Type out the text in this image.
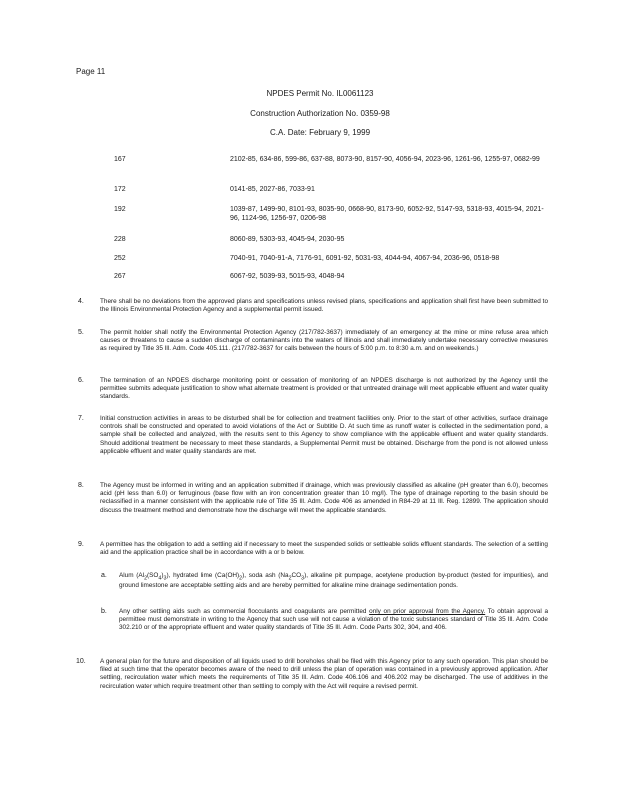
Page 11
NPDES Permit No. IL0061123
Construction Authorization No. 0359-98
C.A. Date: February 9, 1999
167	2102-85, 634-86, 599-86, 637-88, 8073-90, 8157-90, 4056-94, 2023-96, 1261-96, 1255-97, 0682-99
172	0141-85, 2027-86, 7033-91
192	1039-87, 1499-90, 8101-93, 8035-90, 0668-90, 8173-90, 6052-92, 5147-93, 5318-93, 4015-94, 2021-96, 1124-96, 1256-97, 0206-98
228	8060-89, 5303-93, 4045-94, 2030-95
252	7040-91, 7040-91-A, 7176-91, 6091-92, 5031-93, 4044-94, 4067-94, 2036-96, 0518-98
267	6067-92, 5039-93, 5015-93, 4048-94
4.	There shall be no deviations from the approved plans and specifications unless revised plans, specifications and application shall first have been submitted to the Illinois Environmental Protection Agency and a supplemental permit issued.
5.	The permit holder shall notify the Environmental Protection Agency (217/782-3637) immediately of an emergency at the mine or mine refuse area which causes or threatens to cause a sudden discharge of contaminants into the waters of Illinois and shall immediately undertake necessary corrective measures as required by Title 35 Ill. Adm. Code 405.111. (217/782-3637 for calls between the hours of 5:00 p.m. to 8:30 a.m. and on weekends.)
6.	The termination of an NPDES discharge monitoring point or cessation of monitoring of an NPDES discharge is not authorized by the Agency until the permittee submits adequate justification to show what alternate treatment is provided or that untreated drainage will meet applicable effluent and water quality standards.
7.	Initial construction activities in areas to be disturbed shall be for collection and treatment facilities only. Prior to the start of other activities, surface drainage controls shall be constructed and operated to avoid violations of the Act or Subtitle D. At such time as runoff water is collected in the sedimentation pond, a sample shall be collected and analyzed, with the results sent to this Agency to show compliance with the applicable effluent and water quality standards. Should additional treatment be necessary to meet these standards, a Supplemental Permit must be obtained. Discharge from the pond is not allowed unless applicable effluent and water quality standards are met.
8.	The Agency must be informed in writing and an application submitted if drainage, which was previously classified as alkaline (pH greater than 6.0), becomes acid (pH less than 6.0) or ferruginous (base flow with an iron concentration greater than 10 mg/l). The type of drainage reporting to the basin should be reclassified in a manner consistent with the applicable rule of Title 35 Ill. Adm. Code 406 as amended in R84-29 at 11 Ill. Reg. 12899. The application should discuss the treatment method and demonstrate how the discharge will meet the applicable standards.
9.	A permittee has the obligation to add a settling aid if necessary to meet the suspended solids or settleable solids effluent standards. The selection of a settling aid and the application practice shall be in accordance with a or b below.
a. Alum $(Al_2(SO_4)_3)$, hydrated lime $(Ca(OH)_2)$, soda ash $(Na_2CO_3)$, alkaline pit pumpage, acetylene production by-product (tested for impurities), and ground limestone are acceptable settling aids and are hereby permitted for alkaline mine drainage sedimentation ponds.
b. Any other settling aids such as commercial flocculants and coagulants are permitted only on prior approval from the Agency. To obtain approval a permittee must demonstrate in writing to the Agency that such use will not cause a violation of the toxic substances standard of Title 35 Ill. Adm. Code 302.210 or of the appropriate effluent and water quality standards of Title 35 Ill. Adm. Code Parts 302, 304, and 406.
10. A general plan for the future and disposition of all liquids used to drill boreholes shall be filed with this Agency prior to any such operation. This plan should be filed at such time that the operator becomes aware of the need to drill unless the plan of operation was contained in a previously approved application. After settling, recirculation water which meets the requirements of Title 35 Ill. Adm. Code 406.106 and 406.202 may be discharged. The use of additives in the recirculation water which require treatment other than settling to comply with the Act will require a revised permit.
